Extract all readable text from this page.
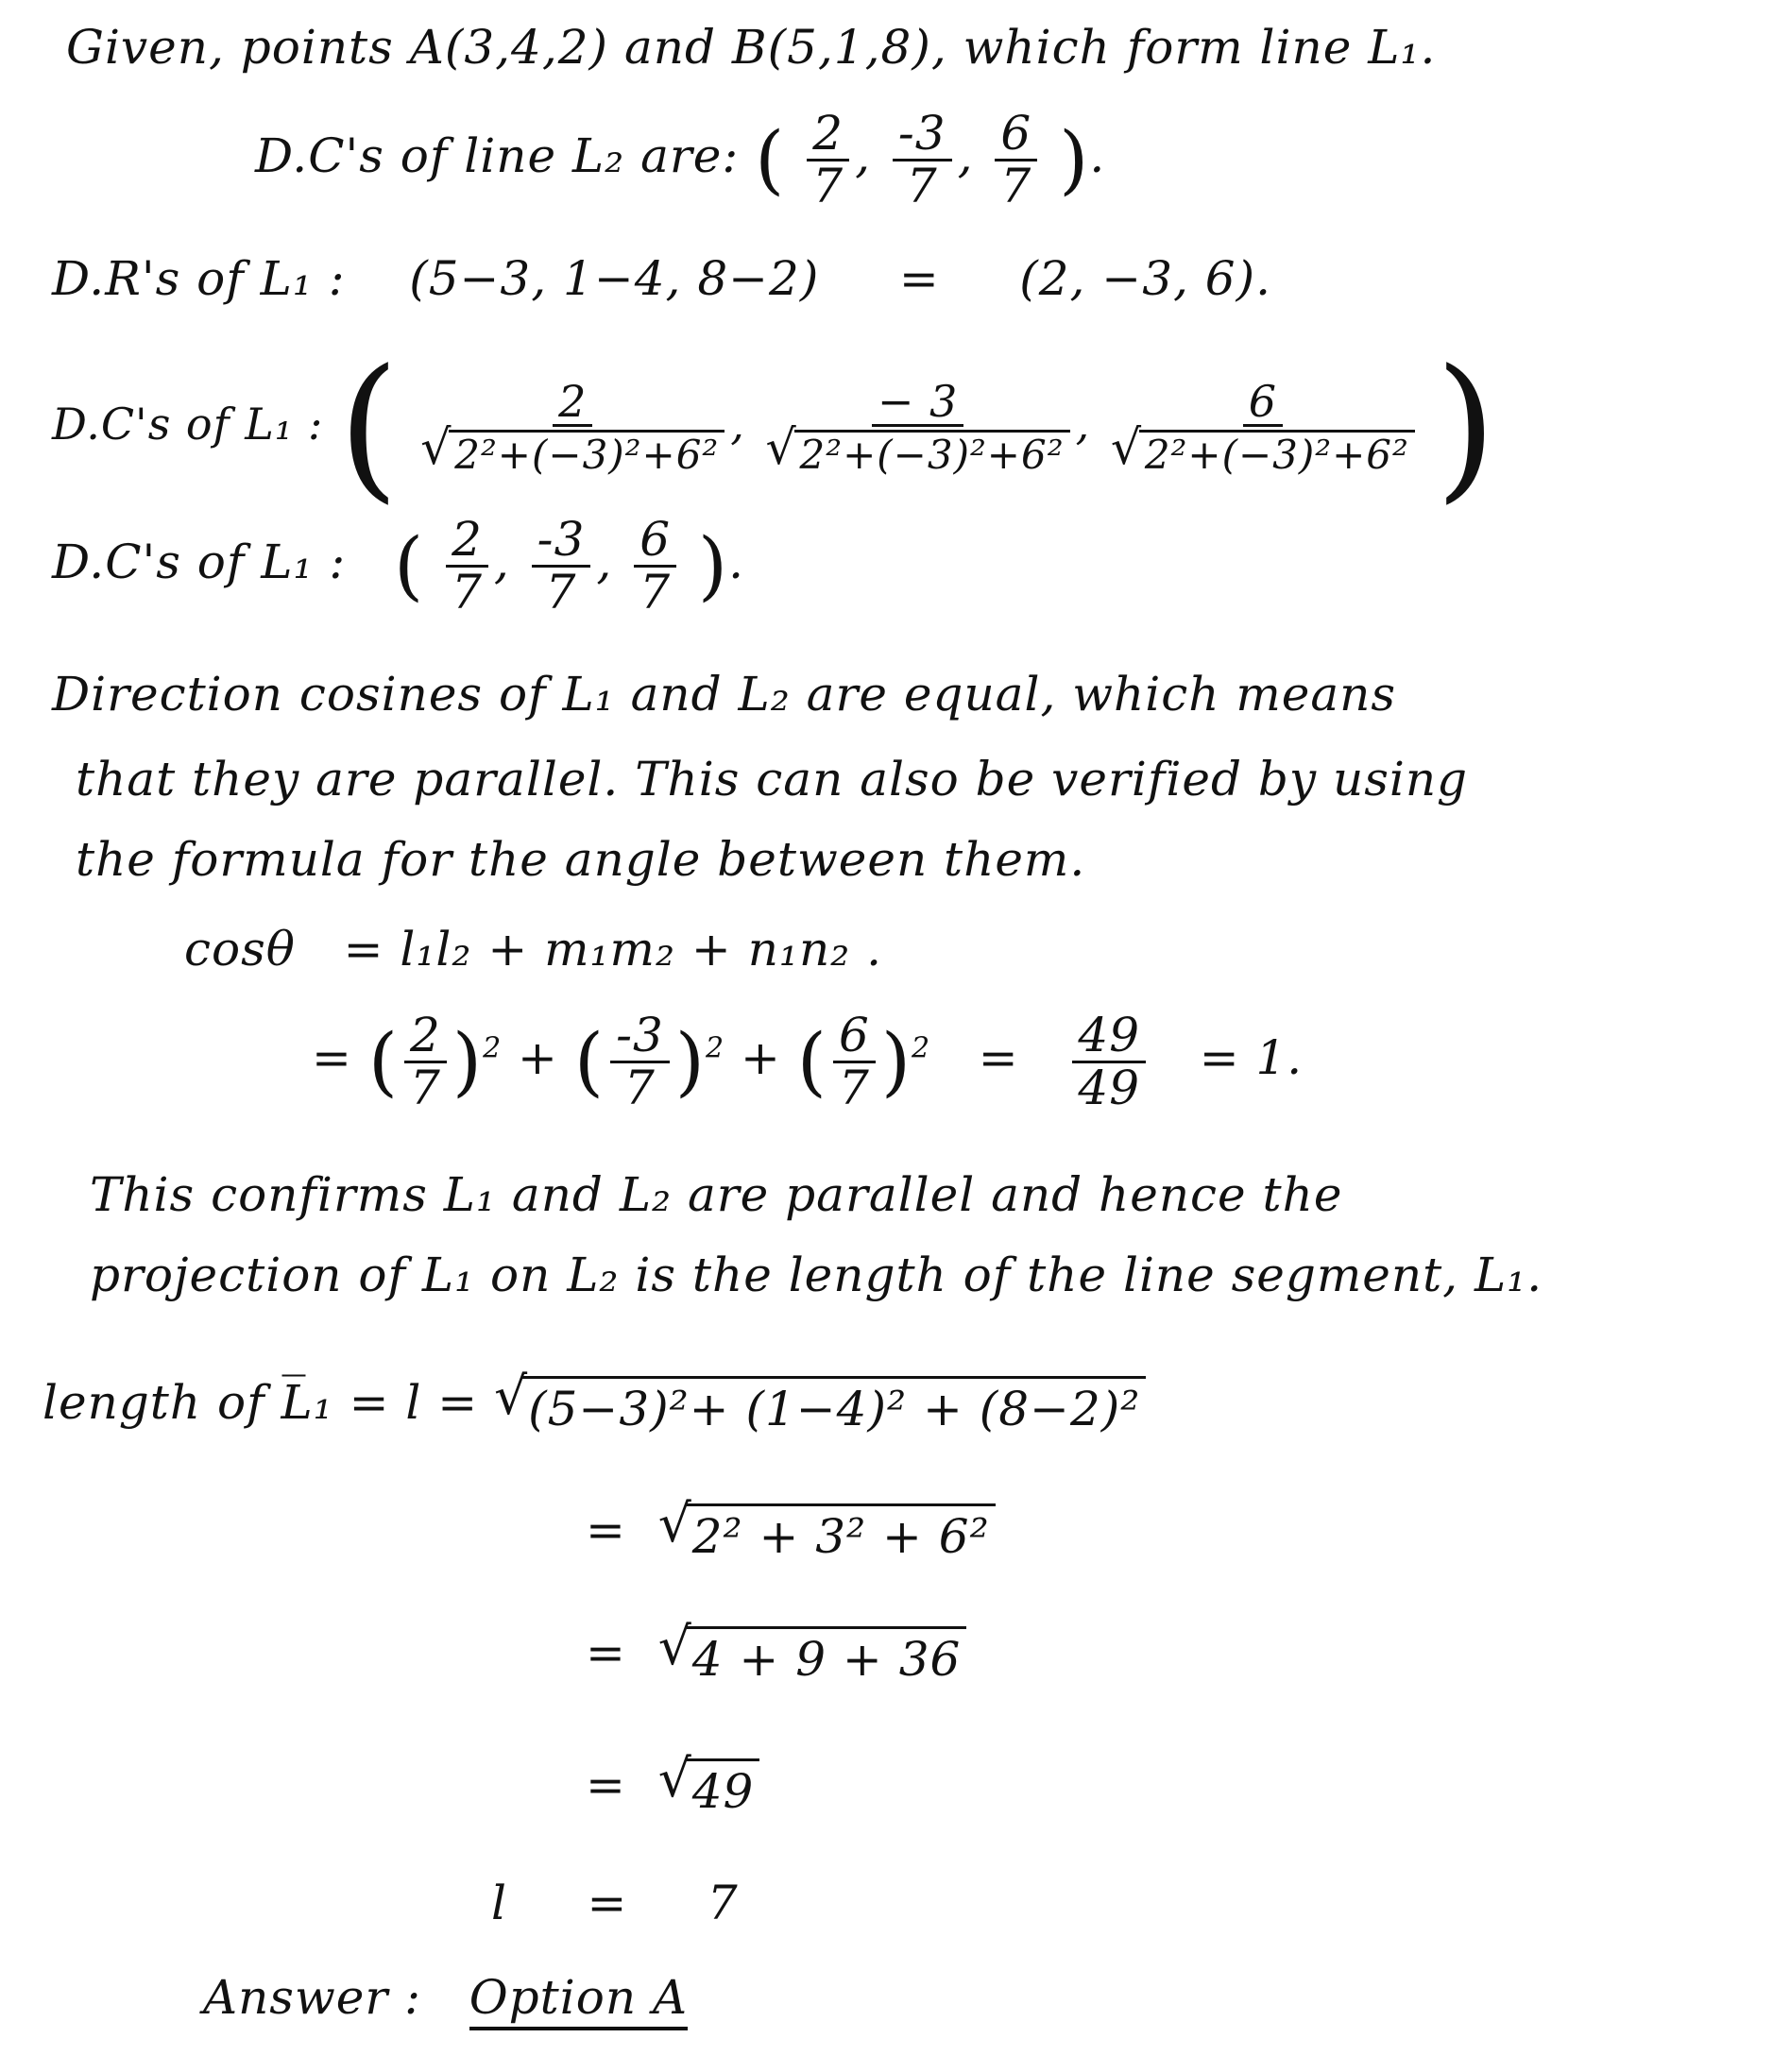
Given, points A(3,4,2) and B(5,1,8), which form line L₁.
D.C's of line L₂ are: ( $\frac{2}{7}$ , $\frac{-3}{7}$ , $\frac{6}{7}$ ).
D.R's of L₁ : (5−3, 1−4, 8−2) = (2, −3, 6).
D.C's of L₁ : ( $\frac{2}{\text{√ 2²+(−3)²+6²}}$ , $\frac{- 3}{\text{√ 2²+(−3)²+6²}}$ , $\frac{6}{\text{√ 2²+(−3)²+6²}}$ )
D.C's of L₁ : ( $\frac{2}{7}$ , $\frac{-3}{7}$ , $\frac{6}{7}$ ).
Direction cosines of L₁ and L₂ are equal, which means
that they are parallel. This can also be verified by using
the formula for the angle between them.
cosθ = l₁l₂ + m₁m₂ + n₁n₂ .
= ( $\frac{2}{7} )^2$ + ( $\frac{-3}{7} )^2$ + ( $\frac{6}{7} )^2 = \frac{49}{49} = 1$.
This confirms L₁ and L₂ are parallel and hence the
projection of L₁ on L₂ is the length of the line segment, L₁.
length of L̅₁ = l = √ (5−3)²+ (1−4)² + (8−2)²
= √ 2² + 3² + 6²
= √ 4 + 9 + 36
= √ 49
l = 7
Answer : Option A
